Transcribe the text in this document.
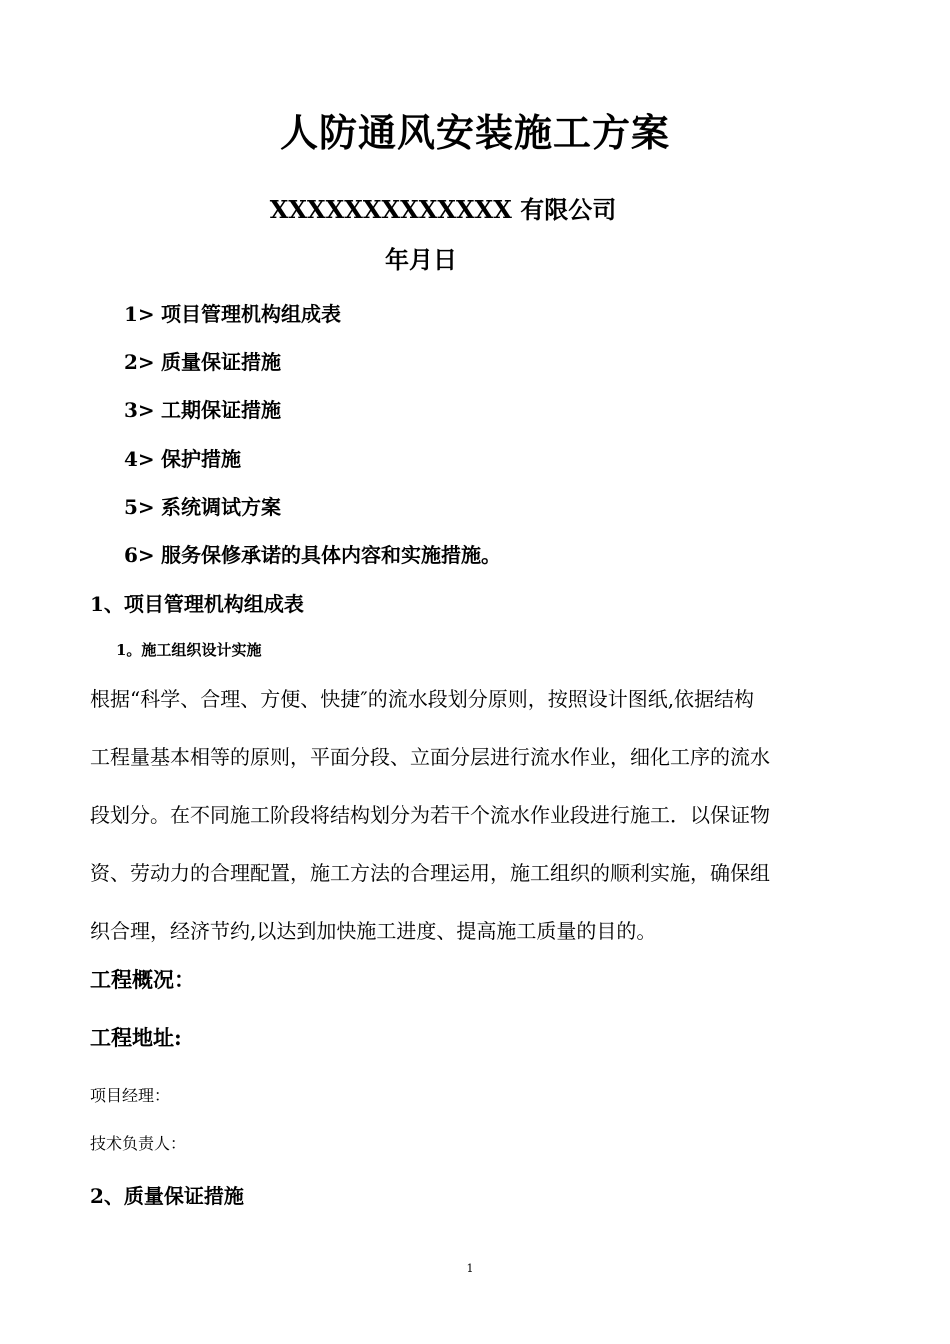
人防通风安装施工方案
XXXXXXXXXXXXX 有限公司
年月日
1> 项目管理机构组成表
2> 质量保证措施
3> 工期保证措施
4> 保护措施
5> 系统调试方案
6> 服务保修承诺的具体内容和实施措施。
1、项目管理机构组成表
1。施工组织设计实施

根据“科学、合理、方便、快捷″的流水段划分原则，按照设计图纸,依据结构

工程量基本相等的原则，平面分段、立面分层进行流水作业，细化工序的流水

段划分。在不同施工阶段将结构划分为若干个流水作业段进行施工．以保证物

资、劳动力的合理配置，施工方法的合理运用，施工组织的顺利实施，确保组

织合理，经济节约,以达到加快施工进度、提高施工质量的目的。

工程概况：
工程地址:
项目经理：
技术负责人：
2、质量保证措施
1
